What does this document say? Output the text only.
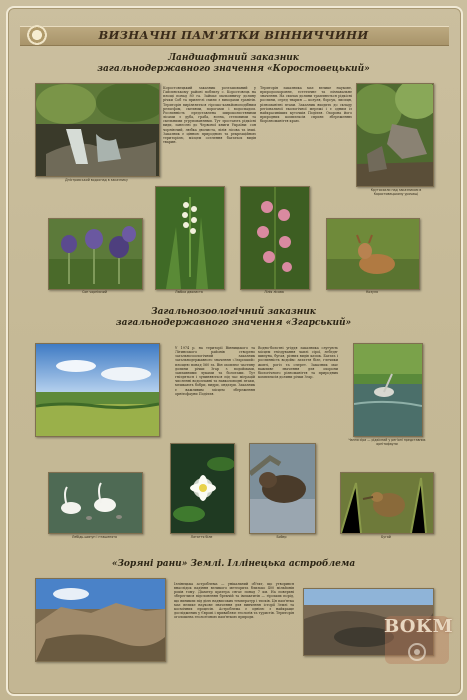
ВИЗНАЧНІ ПАМ'ЯТКИ ВІННИЧЧИНИ
Ландшафтний заказник
загальнодержавного значення «Коростовецький»
Дністровський водоспад в заказнику
Коростовецький заказник розташований у Гайсинському районі поблизу с. Коростовець на площі понад 80 га. Займає мальовничу долину річки Соб та прилеглі схили з виходами гранітів. Територія вирізняється гірсько-каньйоноподібним рельєфом, скелями, порогами і водоспадом. Рослинність представлена широколистяними лісами з дуба, граба, ясена, степовими та скельними угрупованнями. Тут зростають рідкісні види, занесені до Червоної книги України: сон чорніючий, любка дволиста, лілія лісова та інші. Заказник є цінною природною та рекреаційною територією, місцем оселення багатьох видів тварин.
Територія заказника має велике наукове, природоохоронне, естетичне та пізнавальне значення. На схилах долини трапляються рідкісні рослини, серед тварин — козуля, борсук, лисиця, різноманітні птахи. Заказник входить до складу регіональної екологічної мережі і є одним із найкрасивіших куточків Поділля. Охорона його природних комплексів сприяє збереженню біорізноманіття краю.
Крутосхили над заказником в Коростовецькому урочищі
Сон чорніючий	Любка дволиста	Лілія лісова	Козуля
Загальнозоологічний заказник
загальнодержавного значення «Згарський»
У 1974 р. на території Вінницького та Літинського районів створено загальнозоологічний заказник загальнодержавного значення «Згарський» площею понад 560 га. Він охоплює частину долини річки Згар з водоймами, заплавними луками та болотами. Тут гніздяться і зупиняються під час міграцій численні водоплавні та навколоводні птахи, мешкають бобри, видри, ондатри. Заказник є важливим місцем збереження орнітофауни Поділля.
Водно-болотні угіддя заказника слугують місцем гніздування чаплі сірої, лебедя-шипуна, бугая, різних видів качок. Багата і рослинність водойм: латаття біле, глечики жовті, рогіз та очерет. Заказник має важливе значення для охорони біологічного різноманіття та природних комплексів долини річки Згар.
Чапля сіра — рідкісний у регіоні представник орнітофауни
Лебідь-шипун і пташенята	Латаття біле	Бобер	Бугай
«Зоряні рани» Землі. Іллінецька астроблема
Іллінецька астроблема — унікальний об'єкт, що утворився внаслідок падіння великого метеорита близько 400 мільйонів років тому. Діаметр кратера сягає понад 7 км. На поверхні збереглися відслонення брекчій та імпактитів — гірських порід, що виникли під дією надвисоких температур і тисків. Ця пам'ятка має велике наукове значення для вивчення історії Землі та космічних процесів. Астроблема є однією з найкраще досліджених у Європі і приваблює геологів та туристів. Територія оголошена геологічною пам'яткою природи.	ВОКМ
